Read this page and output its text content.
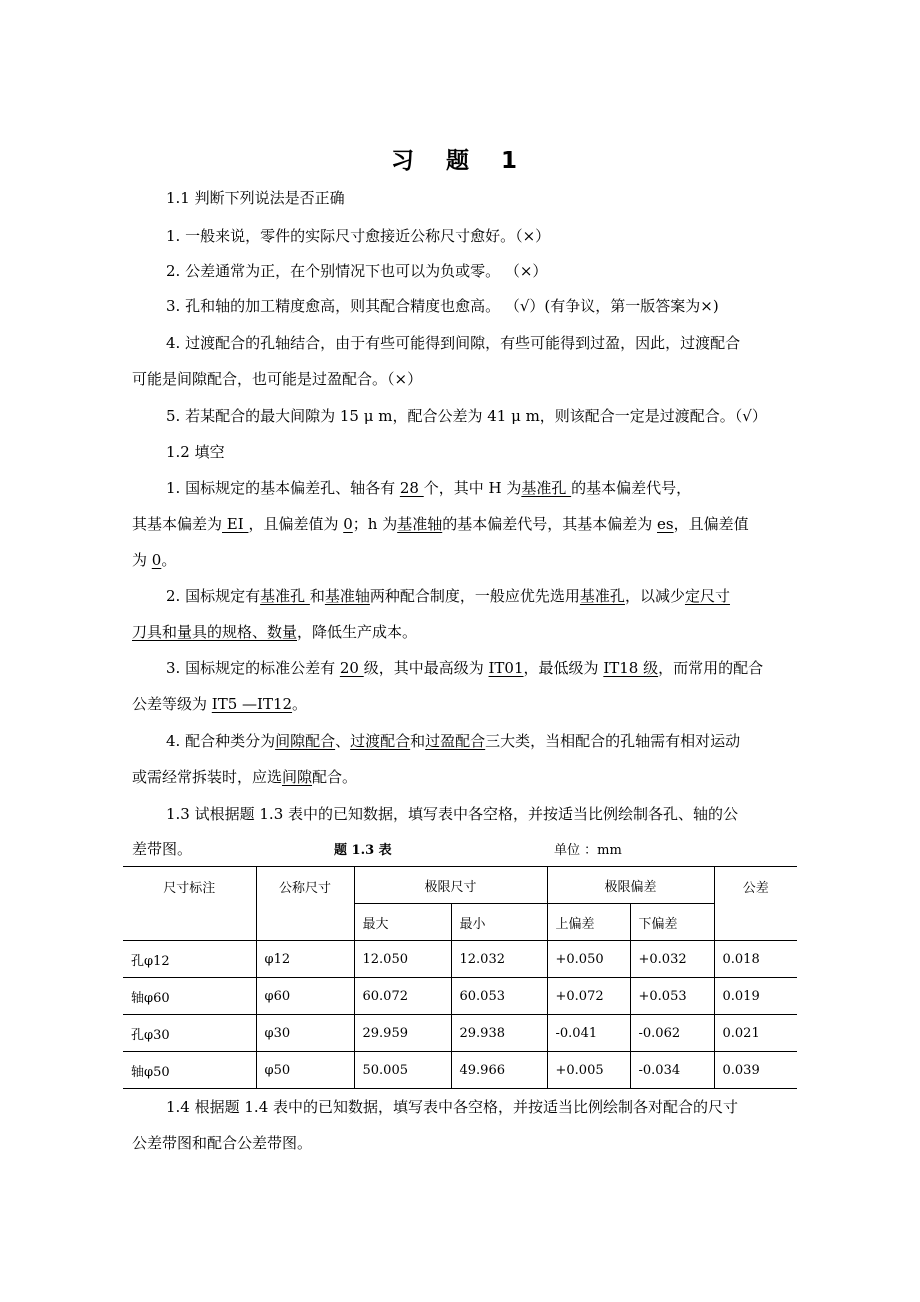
习 题 1
1.1 判断下列说法是否正确
1. 一般来说，零件的实际尺寸愈接近公称尺寸愈好。（×）
2. 公差通常为正，在个别情况下也可以为负或零。 （×）
3. 孔和轴的加工精度愈高，则其配合精度也愈高。 （√）(有争议，第一版答案为×)
4. 过渡配合的孔轴结合，由于有些可能得到间隙，有些可能得到过盈，因此，过渡配合
可能是间隙配合，也可能是过盈配合。（×）
5. 若某配合的最大间隙为 15 μ m，配合公差为 41 μ m，则该配合一定是过渡配合。（√）
1.2 填空
1. 国标规定的基本偏差孔、轴各有 28 个，其中 H 为基准孔 的基本偏差代号，
其基本偏差为 EI ，且偏差值为 0；h 为基准轴的基本偏差代号，其基本偏差为 es，且偏差值
为 0。
2. 国标规定有基准孔 和基准轴两种配合制度，一般应优先选用基准孔，以减少定尺寸
刀具和量具的规格、数量，降低生产成本。
3. 国标规定的标准公差有 20 级，其中最高级为 IT01，最低级为 IT18 级，而常用的配合
公差等级为 IT5 —IT12。
4. 配合种类分为间隙配合、过渡配合和过盈配合三大类，当相配合的孔轴需有相对运动
或需经常拆装时，应选间隙配合。
1.3 试根据题 1.3 表中的已知数据，填写表中各空格，并按适当比例绘制各孔、轴的公
差带图。	题 1.3 表	单位 ：mm
尺寸标注	公称尺寸	极限尺寸		极限偏差		公差
		最大	最小	上偏差	下偏差	
孔φ12	φ12	12.050	12.032	+0.050	+0.032	0.018
轴φ60	φ60	60.072	60.053	+0.072	+0.053	0.019
孔φ30	φ30	29.959	29.938	-0.041	-0.062	0.021
轴φ50	φ50	50.005	49.966	+0.005	-0.034	0.039
1.4 根据题 1.4 表中的已知数据，填写表中各空格，并按适当比例绘制各对配合的尺寸
公差带图和配合公差带图。
